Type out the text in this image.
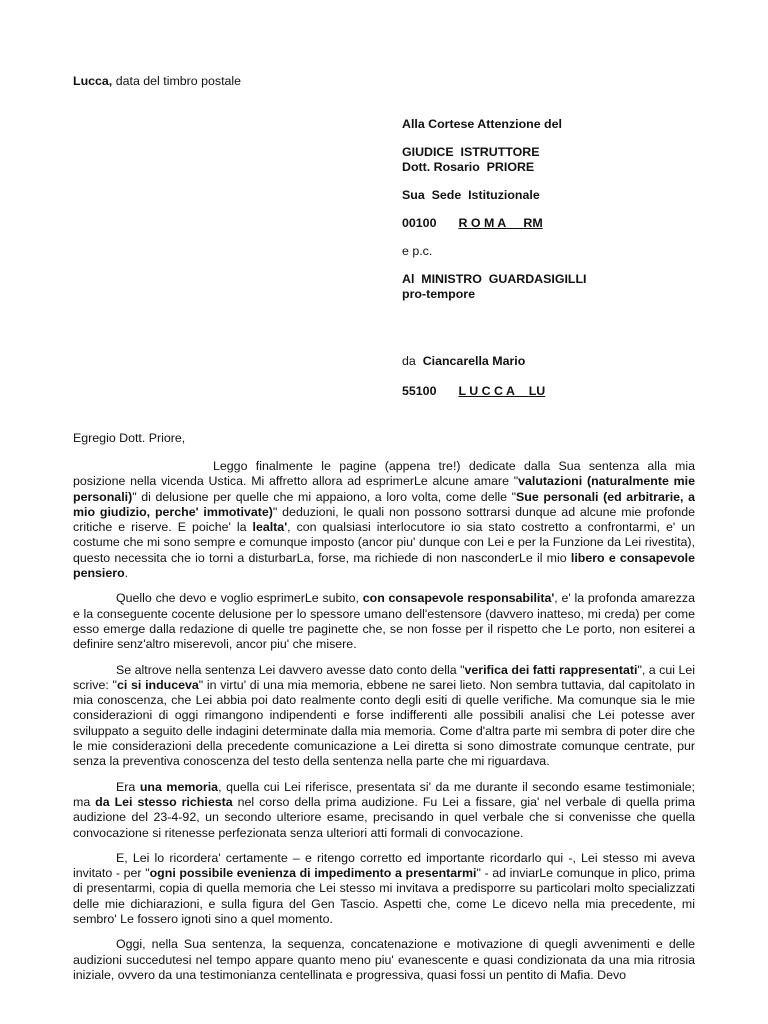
Lucca, data del timbro postale
Alla Cortese Attenzione del
GIUDICE  ISTRUTTORE
Dott. Rosario  PRIORE
Sua  Sede  Istituzionale
00100 R O M A RM
e p.c.
Al  MINISTRO  GUARDASIGILLI
pro-tempore
da Ciancarella Mario
55100 L U C C A LU
Egregio Dott. Priore,

Leggo finalmente le pagine (appena tre!) dedicate dalla Sua sentenza alla mia posizione nella vicenda Ustica. Mi affretto allora ad esprimerLe alcune amare "valutazioni (naturalmente mie personali)" di delusione per quelle che mi appaiono, a loro volta, come delle "Sue personali (ed arbitrarie, a mio giudizio, perche' immotivate)" deduzioni, le quali non possono sottrarsi dunque ad alcune mie profonde critiche e riserve. E poiche' la lealta', con qualsiasi interlocutore io sia stato costretto a confrontarmi, e' un costume che mi sono sempre e comunque imposto (ancor piu' dunque con Lei e per la Funzione da Lei rivestita), questo necessita che io torni a disturbarLa, forse, ma richiede di non nasconderLe il mio libero e consapevole pensiero.

Quello che devo e voglio esprimerLe subito, con consapevole responsabilita', e' la profonda amarezza e la conseguente cocente delusione per lo spessore umano dell'estensore (davvero inatteso, mi creda) per come esso emerge dalla redazione di quelle tre paginette che, se non fosse per il rispetto che Le porto, non esiterei a definire senz'altro miserevoli, ancor piu' che misere.

Se altrove nella sentenza Lei davvero avesse dato conto della "verifica dei fatti rappresentati", a cui Lei scrive: "ci si induceva" in virtu' di una mia memoria, ebbene ne sarei lieto. Non sembra tuttavia, dal capitolato in mia conoscenza, che Lei abbia poi dato realmente conto degli esiti di quelle verifiche. Ma comunque sia le mie considerazioni di oggi rimangono indipendenti e forse indifferenti alle possibili analisi che Lei potesse aver sviluppato a seguito delle indagini determinate dalla mia memoria. Come d'altra parte mi sembra di poter dire che le mie considerazioni della precedente comunicazione a Lei diretta si sono dimostrate comunque centrate, pur senza la preventiva conoscenza del testo della sentenza nella parte che mi riguardava.

Era una memoria, quella cui Lei riferisce, presentata si' da me durante il secondo esame testimoniale; ma da Lei stesso richiesta nel corso della prima audizione. Fu Lei a fissare, gia' nel verbale di quella prima audizione del 23-4-92, un secondo ulteriore esame, precisando in quel verbale che si convenisse che quella convocazione si ritenesse perfezionata senza ulteriori atti formali di convocazione.

E, Lei lo ricordera' certamente – e ritengo corretto ed importante ricordarlo qui -, Lei stesso mi aveva invitato - per "ogni possibile evenienza di impedimento a presentarmi" - ad inviarLe comunque in plico, prima di presentarmi, copia di quella memoria che Lei stesso mi invitava a predisporre su particolari molto specializzati delle mie dichiarazioni, e sulla figura del Gen Tascio. Aspetti che, come Le dicevo nella mia precedente, mi sembro' Le fossero ignoti sino a quel momento.

Oggi, nella Sua sentenza, la sequenza, concatenazione e motivazione di quegli avvenimenti e delle audizioni succedutesi nel tempo appare quanto meno piu' evanescente e quasi condizionata da una mia ritrosia iniziale, ovvero da una testimonianza centellinata e progressiva, quasi fossi un pentito di Mafia. Devo
